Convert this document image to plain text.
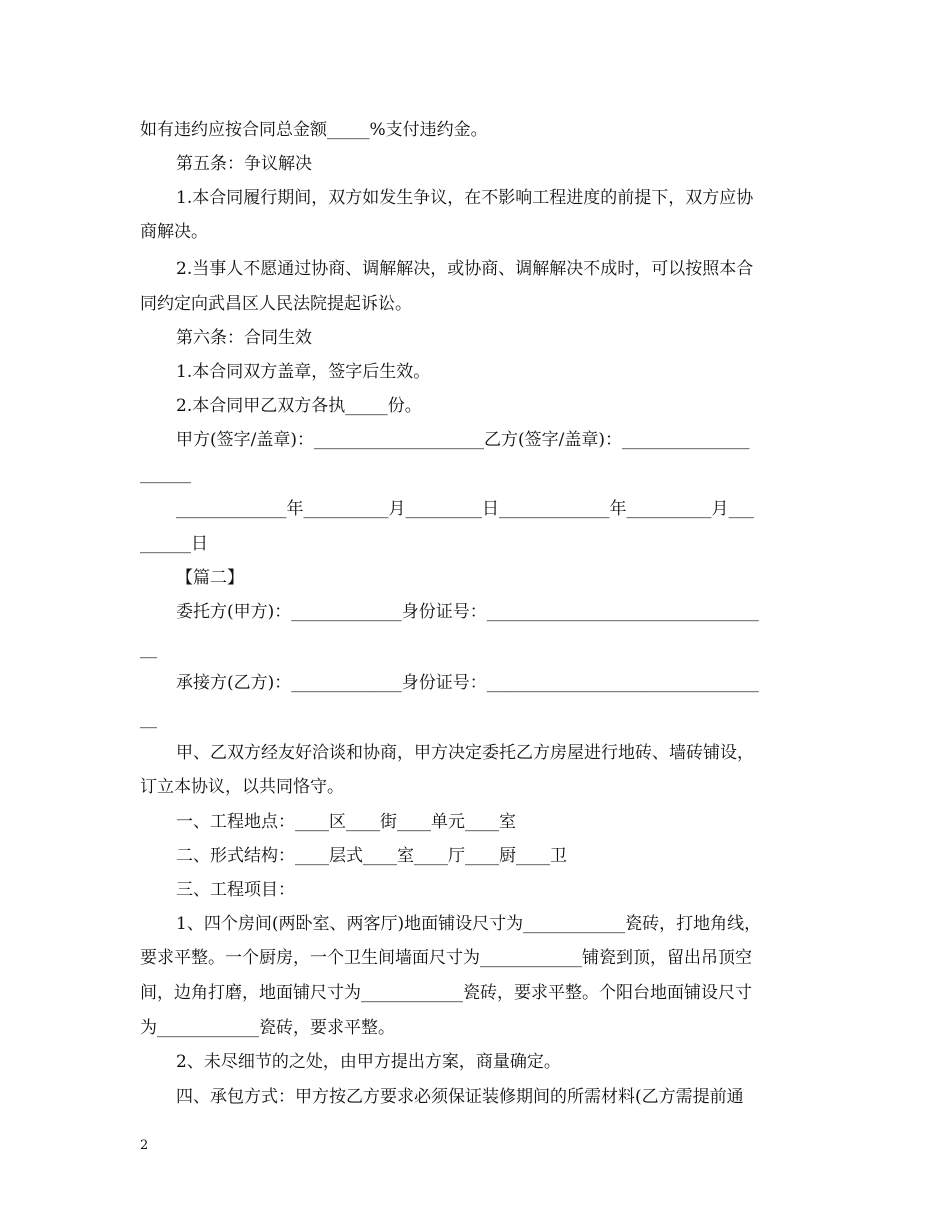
如有违约应按合同总金额_____%支付违约金。
第五条：争议解决
1.本合同履行期间，双方如发生争议，在不影响工程进度的前提下，双方应协
商解决。
2.当事人不愿通过协商、调解解决，或协商、调解解决不成时，可以按照本合
同约定向武昌区人民法院提起诉讼。
第六条：合同生效
1.本合同双方盖章，签字后生效。
2.本合同甲乙双方各执_____份。
甲方(签字/盖章)：____________________乙方(签字/盖章)：_______________
______
_____________年__________月_________日_____________年__________月___
______日
【篇二】
委托方(甲方)：_____________身份证号：________________________________
__
承接方(乙方)：_____________身份证号：________________________________
__
甲、乙双方经友好洽谈和协商，甲方决定委托乙方房屋进行地砖、墙砖铺设，
订立本协议，以共同恪守。
一、工程地点：____区____街____单元____室
二、形式结构：____层式____室____厅____厨____卫
三、工程项目：
1、四个房间(两卧室、两客厅)地面铺设尺寸为____________瓷砖，打地角线，
要求平整。一个厨房，一个卫生间墙面尺寸为____________铺瓷到顶，留出吊顶空
间，边角打磨，地面铺尺寸为____________瓷砖，要求平整。个阳台地面铺设尺寸
为____________瓷砖，要求平整。
2、未尽细节的之处，由甲方提出方案，商量确定。
四、承包方式：甲方按乙方要求必须保证装修期间的所需材料(乙方需提前通
2
